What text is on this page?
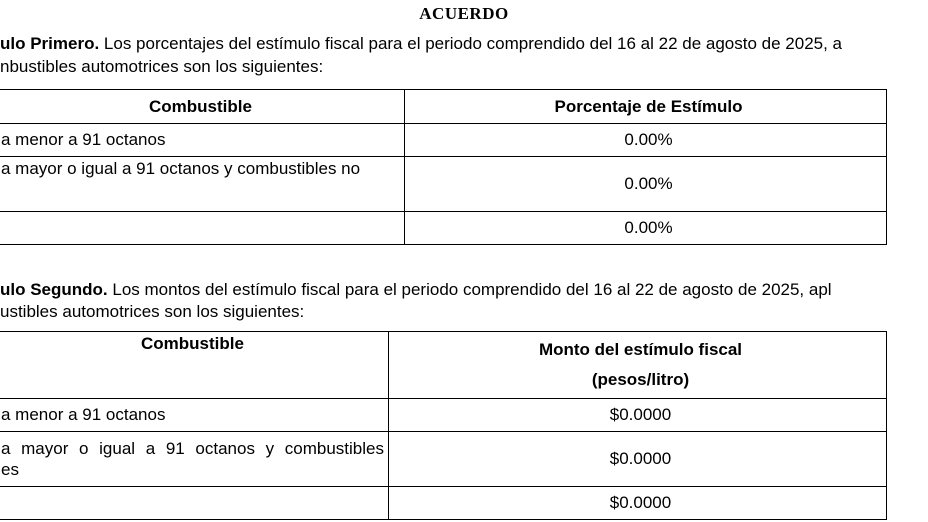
ACUERDO
ulo Primero. Los porcentajes del estímulo fiscal para el periodo comprendido del 16 al 22 de agosto de 2025, a
nbustibles automotrices son los siguientes:
Combustible	Porcentaje de Estímulo
a menor a 91 octanos	0.00%
a mayor o igual a 91 octanos y combustibles no	0.00%
	0.00%
ulo Segundo. Los montos del estímulo fiscal para el periodo comprendido del 16 al 22 de agosto de 2025, apl
ustibles automotrices son los siguientes:
Combustible	Monto del estímulo fiscal
(pesos/litro)

a menor a 91 octanos	$0.0000

a mayor o igual a 91 octanos y combustibles
es	$0.0000
	$0.0000
